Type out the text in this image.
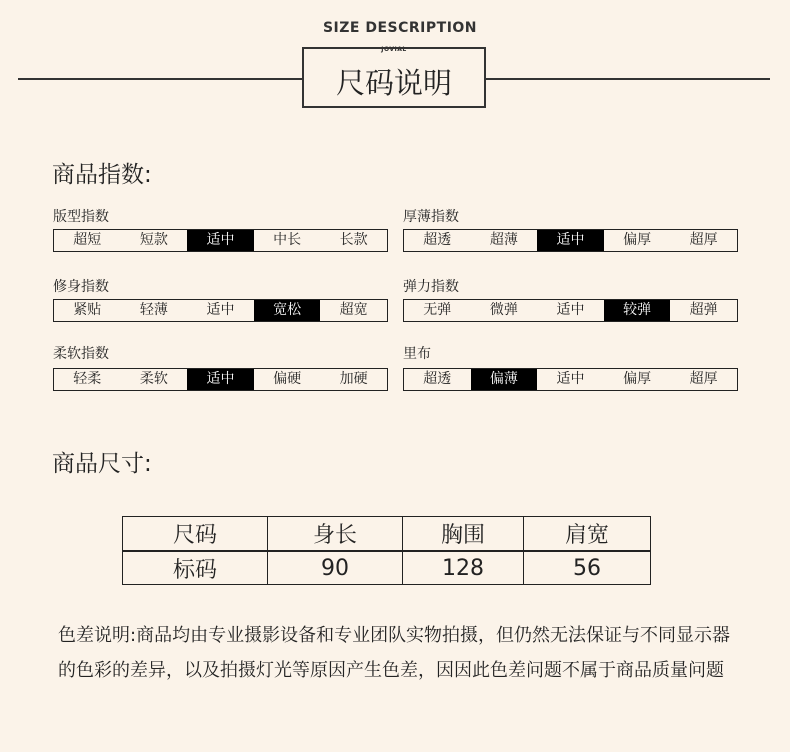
SIZE DESCRIPTION
JOVIAL
尺码说明
商品指数:
版型指数
超短	短款	适中	中长	长款
厚薄指数
超透	超薄	适中	偏厚	超厚
修身指数
紧贴	轻薄	适中	宽松	超宽
弹力指数
无弹	微弹	适中	较弹	超弹
柔软指数
轻柔	柔软	适中	偏硬	加硬
里布
超透	偏薄	适中	偏厚	超厚
商品尺寸:
尺码	身长	胸围	肩宽
标码	90	128	56
色差说明:商品均由专业摄影设备和专业团队实物拍摄，但仍然无法保证与不同显示器的色彩的差异，以及拍摄灯光等原因产生色差，因因此色差问题不属于商品质量问题
